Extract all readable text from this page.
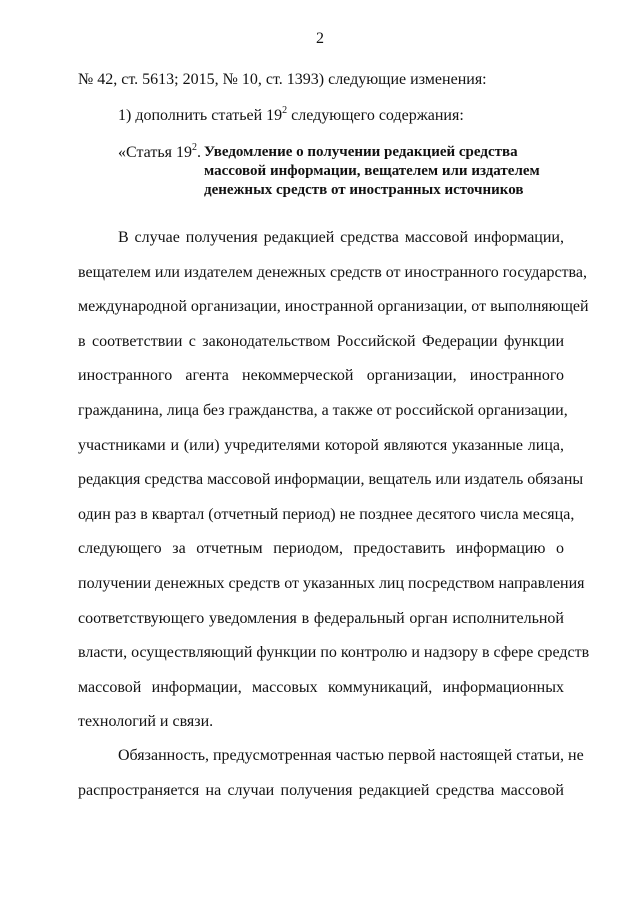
2
№ 42, ст. 5613; 2015, № 10, ст. 1393) следующие изменения:
1) дополнить статьей $19^2$ следующего содержания:
«Статья $19^2$. Уведомление о получении редакцией средства
массовой информации, вещателем или издателем
денежных средств от иностранных источников
В случае получения редакцией средства массовой информации,
вещателем или издателем денежных средств от иностранного государства,
международной организации, иностранной организации, от выполняющей
в соответствии с законодательством Российской Федерации функции
иностранного агента некоммерческой организации, иностранного
гражданина, лица без гражданства, а также от российской организации,
участниками и (или) учредителями которой являются указанные лица,
редакция средства массовой информации, вещатель или издатель обязаны
один раз в квартал (отчетный период) не позднее десятого числа месяца,
следующего за отчетным периодом, предоставить информацию о
получении денежных средств от указанных лиц посредством направления
соответствующего уведомления в федеральный орган исполнительной
власти, осуществляющий функции по контролю и надзору в сфере средств
массовой информации, массовых коммуникаций, информационных
технологий и связи.
Обязанность, предусмотренная частью первой настоящей статьи, не
распространяется на случаи получения редакцией средства массовой
